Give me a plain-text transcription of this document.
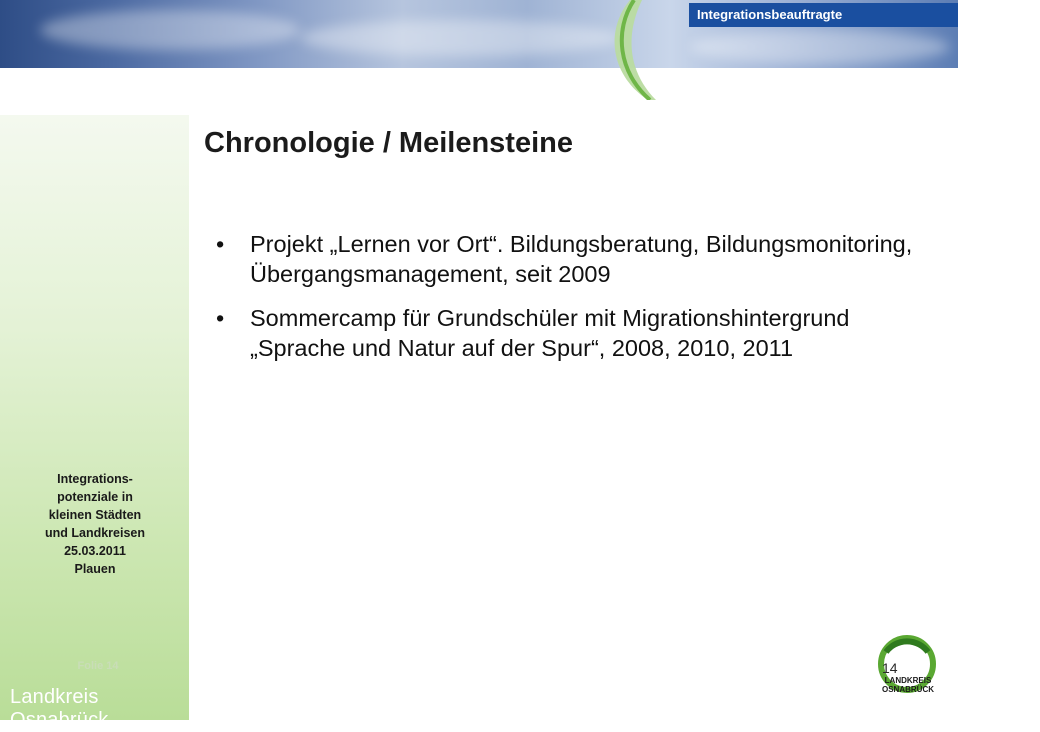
Integrationsbeauftragte
Integrations-
potenziale in
kleinen Städten
und Landkreisen
25.03.2011
Plauen
Folie 14
Landkreis Osnabrück
Chronologie / Meilensteine
• Projekt „Lernen vor Ort“. Bildungsberatung, Bildungsmonitoring, Übergangsmanagement, seit 2009
• Sommercamp für Grundschüler mit Migrationshintergrund „Sprache und Natur auf der Spur“, 2008, 2010, 2011
14
LANDKREIS
OSNABRÜCK
